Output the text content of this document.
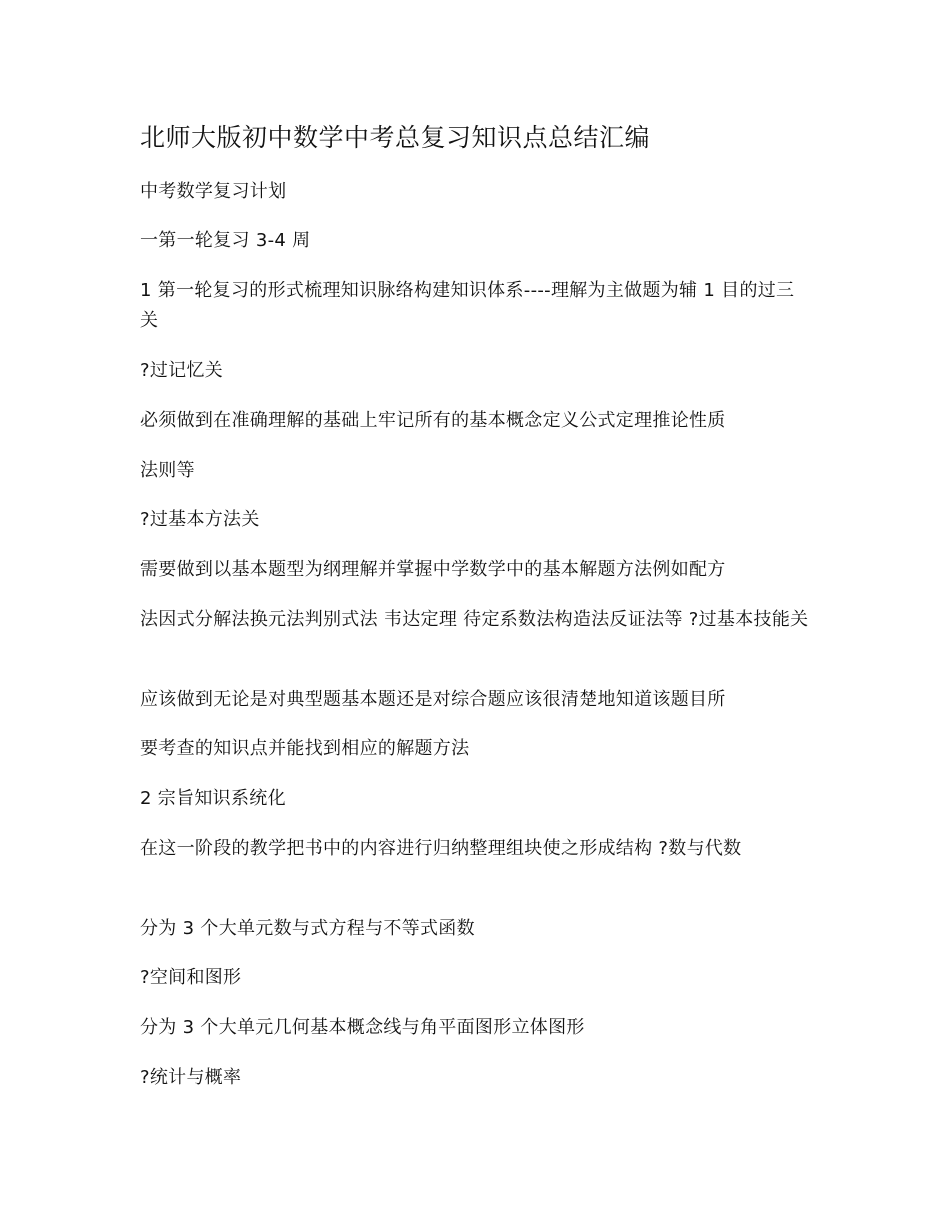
北师大版初中数学中考总复习知识点总结汇编

中考数学复习计划

一第一轮复习 3-4 周

1 第一轮复习的形式梳理知识脉络构建知识体系----理解为主做题为辅 1 目的过三关

?过记忆关

必须做到在准确理解的基础上牢记所有的基本概念定义公式定理推论性质

法则等

?过基本方法关

需要做到以基本题型为纲理解并掌握中学数学中的基本解题方法例如配方

法因式分解法换元法判别式法 韦达定理 待定系数法构造法反证法等 ?过基本技能关

应该做到无论是对典型题基本题还是对综合题应该很清楚地知道该题目所

要考查的知识点并能找到相应的解题方法

2 宗旨知识系统化

在这一阶段的教学把书中的内容进行归纳整理组块使之形成结构 ?数与代数

分为 3 个大单元数与式方程与不等式函数

?空间和图形

分为 3 个大单元几何基本概念线与角平面图形立体图形

?统计与概率
